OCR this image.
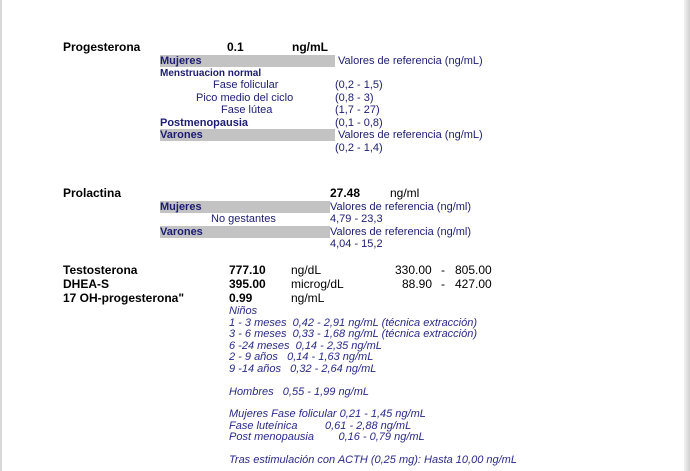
Progesterona	0.1	ng/mL
Mujeres	Valores de referencia (ng/mL)
Menstruacion normal
Fase folicular	(0,2 - 1,5)
Pico medio del ciclo	(0,8 - 3)
Fase lútea	(1,7 - 27)
Postmenopausia	(0,1 - 0,8)
Varones	Valores de referencia (ng/mL)
(0,2 - 1,4)
Prolactina	27.48 ng/ml
Mujeres	Valores de referencia (ng/ml)
No gestantes	4,79 - 23,3
Varones	Valores de referencia (ng/ml)
4,04 - 15,2
Testosterona	777.10 ng/dL	330.00 - 805.00
DHEA-S	395.00 microg/dL	88.90 - 427.00
17 OH-progesterona"	0.99	ng/mL
Niños
1 - 3 meses  0,42 - 2,91 ng/mL (técnica extracción)
3 - 6 meses  0,33 - 1,68 ng/mL (técnica extracción)
6 -24 meses  0,14 - 2,35 ng/mL
2 - 9 años   0,14 - 1,63 ng/mL
9 -14 años   0,32 - 2,64 ng/mL
Hombres   0,55 - 1,99 ng/mL
Mujeres Fase folicular 0,21 - 1,45 ng/mL
Fase luteínica         0,61 - 2,88 ng/mL
Post menopausia        0,16 - 0,79 ng/mL
Tras estimulación con ACTH (0,25 mg): Hasta 10,00 ng/mL
